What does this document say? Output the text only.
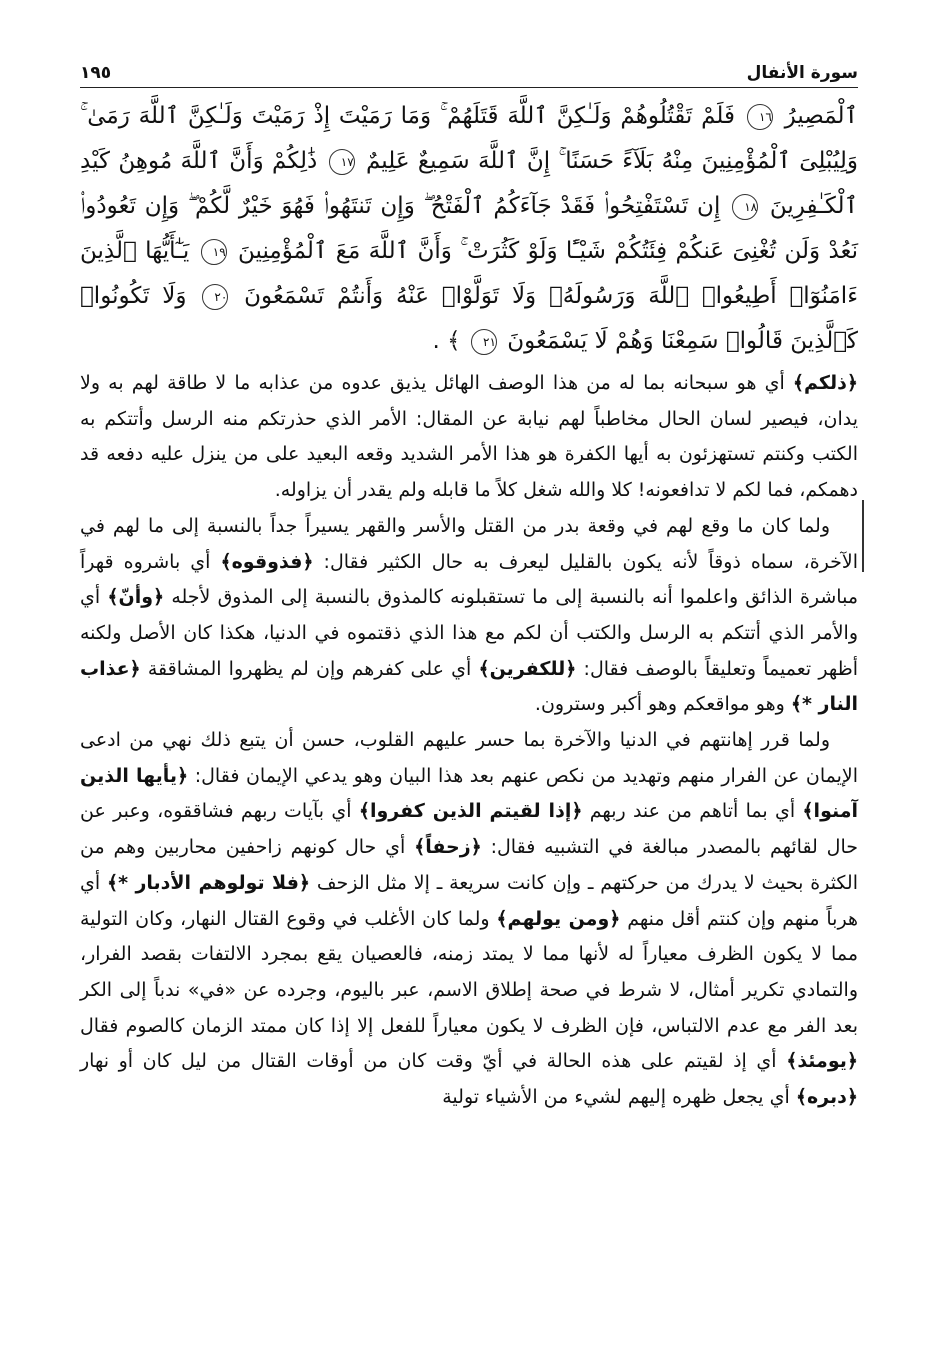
سورة الأنفال
١٩٥
ٱلْمَصِيرُ ١٦ فَلَمْ تَقْتُلُوهُمْ وَلَـٰكِنَّ ٱللَّهَ قَتَلَهُمْ ۚ وَمَا رَمَيْتَ إِذْ رَمَيْتَ وَلَـٰكِنَّ ٱللَّهَ رَمَىٰ ۚ وَلِيُبْلِىَ ٱلْمُؤْمِنِينَ مِنْهُ بَلَآءً حَسَنًا ۚ إِنَّ ٱللَّهَ سَمِيعٌ عَلِيمٌ ١٧ ذَٰلِكُمْ وَأَنَّ ٱللَّهَ مُوهِنُ كَيْدِ ٱلْكَـٰفِرِينَ ١٨ إِن تَسْتَفْتِحُوا۟ فَقَدْ جَآءَكُمُ ٱلْفَتْحُ ۖ وَإِن تَنتَهُوا۟ فَهُوَ خَيْرٌ لَّكُمْ ۖ وَإِن تَعُودُوا۟ نَعُدْ وَلَن تُغْنِىَ عَنكُمْ فِئَتُكُمْ شَيْـًٔا وَلَوْ كَثُرَتْ ۚ وَأَنَّ ٱللَّهَ مَعَ ٱلْمُؤْمِنِينَ ١٩ يَـٰٓأَيُّهَا ٱلَّذِينَ ءَامَنُوٓا۟ أَطِيعُوا۟ ٱللَّهَ وَرَسُولَهُۥ وَلَا تَوَلَّوْا۟ عَنْهُ وَأَنتُمْ تَسْمَعُونَ ٢٠ وَلَا تَكُونُوا۟ كَٱلَّذِينَ قَالُوا۟ سَمِعْنَا وَهُمْ لَا يَسْمَعُونَ ٢١ ﴾ .

﴿ذلكم﴾ أي هو سبحانه بما له من هذا الوصف الهائل يذيق عدوه من عذابه ما لا طاقة لهم به ولا يدان، فيصير لسان الحال مخاطباً لهم نيابة عن المقال: الأمر الذي حذرتكم منه الرسل وأتتكم به الكتب وكنتم تستهزئون به أيها الكفرة هو هذا الأمر الشديد وقعه البعيد على من ينزل عليه دفعه قد دهمكم، فما لكم لا تدافعونه! كلا والله شغل كلاً ما قابله ولم يقدر أن يزاوله.

ولما كان ما وقع لهم في وقعة بدر من القتل والأسر والقهر يسيراً جداً بالنسبة إلى ما لهم في الآخرة، سماه ذوقاً لأنه يكون بالقليل ليعرف به حال الكثير فقال: ﴿فذوقوه﴾ أي باشروه قهراً مباشرة الذائق واعلموا أنه بالنسبة إلى ما تستقبلونه كالمذوق بالنسبة إلى المذوق لأجله ﴿وأنّ﴾ أي والأمر الذي أتتكم به الرسل والكتب أن لكم مع هذا الذي ذقتموه في الدنيا، هكذا كان الأصل ولكنه أظهر تعميماً وتعليقاً بالوصف فقال: ﴿للكفرين﴾ أي على كفرهم وإن لم يظهروا المشاققة ﴿عذاب النار *﴾ وهو مواقعكم وهو أكبر وسترون.

ولما قرر إهانتهم في الدنيا والآخرة بما حسر عليهم القلوب، حسن أن يتبع ذلك نهي من ادعى الإيمان عن الفرار منهم وتهديد من نكص عنهم بعد هذا البيان وهو يدعي الإيمان فقال: ﴿يأيها الذين آمنوا﴾ أي بما أتاهم من عند ربهم ﴿إذا لقيتم الذين كفروا﴾ أي بآيات ربهم فشاققوه، وعبر عن حال لقائهم بالمصدر مبالغة في التشبيه فقال: ﴿زحفاً﴾ أي حال كونهم زاحفين محاربين وهم من الكثرة بحيث لا يدرك من حركتهم ـ وإن كانت سريعة ـ إلا مثل الزحف ﴿فلا تولوهم الأدبار *﴾ أي هرباً منهم وإن كنتم أقل منهم ﴿ومن يولهم﴾ ولما كان الأغلب في وقوع القتال النهار، وكان التولية مما لا يكون الظرف معياراً له لأنها مما لا يمتد زمنه، فالعصيان يقع بمجرد الالتفات بقصد الفرار، والتمادي تكرير أمثال، لا شرط في صحة إطلاق الاسم، عبر باليوم، وجرده عن «في» ندباً إلى الكر بعد الفر مع عدم الالتباس، فإن الظرف لا يكون معياراً للفعل إلا إذا كان ممتد الزمان كالصوم فقال ﴿يومئذ﴾ أي إذ لقيتم على هذه الحالة في أيّ وقت كان من أوقات القتال من ليل كان أو نهار ﴿دبره﴾ أي يجعل ظهره إليهم لشيء من الأشياء تولية
